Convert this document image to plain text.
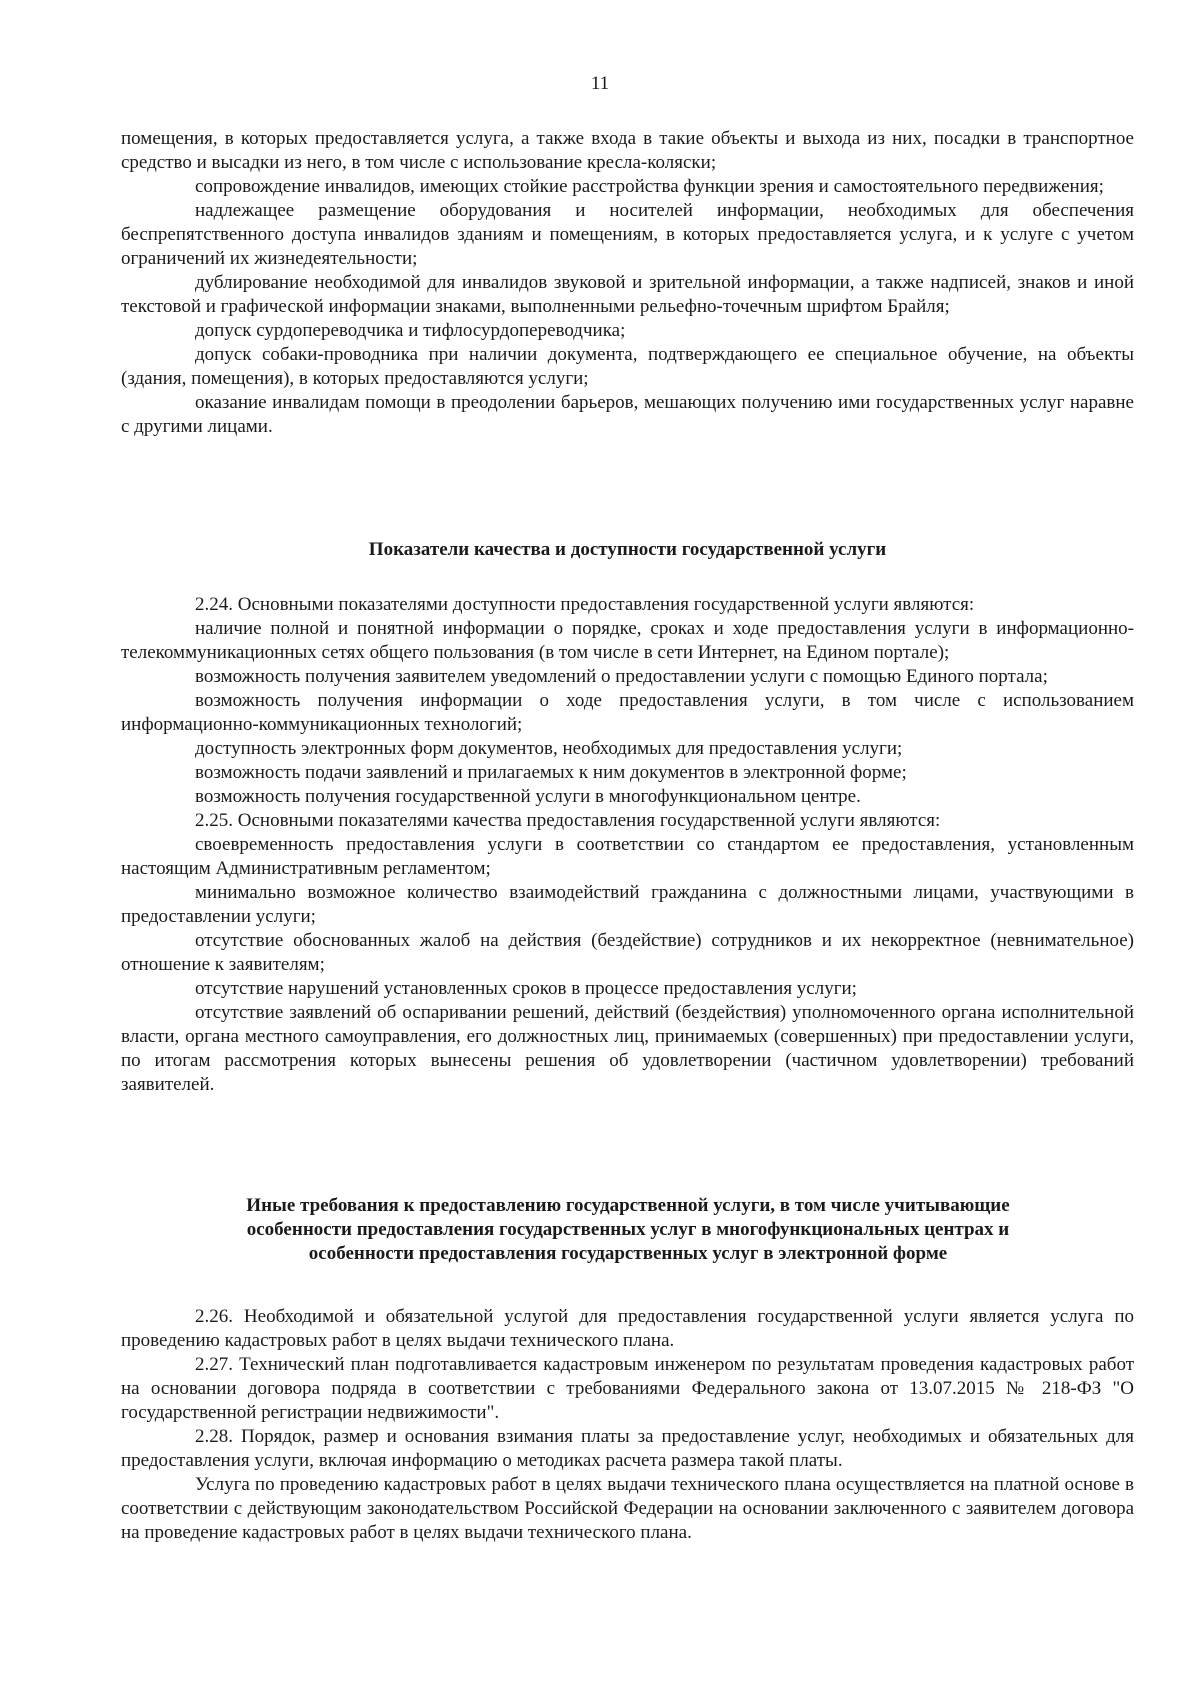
11

помещения, в которых предоставляется услуга, а также входа в такие объекты и выхода из них, посадки в транспортное средство и высадки из него, в том числе с использование кресла-коляски;

сопровождение инвалидов, имеющих стойкие расстройства функции зрения и самостоятельного передвижения;

надлежащее размещение оборудования и носителей информации, необходимых для обеспечения беспрепятственного доступа инвалидов зданиям и помещениям, в которых предоставляется услуга, и к услуге с учетом ограничений их жизнедеятельности;

дублирование необходимой для инвалидов звуковой и зрительной информации, а также надписей, знаков и иной текстовой и графической информации знаками, выполненными рельефно-точечным шрифтом Брайля;

допуск сурдопереводчика и тифлосурдопереводчика;

допуск собаки-проводника при наличии документа, подтверждающего ее специальное обучение, на объекты (здания, помещения), в которых предоставляются услуги;

оказание инвалидам помощи в преодолении барьеров, мешающих получению ими государственных услуг наравне с другими лицами.

Показатели качества и доступности государственной услуги

2.24. Основными показателями доступности предоставления государственной услуги являются:

наличие полной и понятной информации о порядке, сроках и ходе предоставления услуги в информационно-телекоммуникационных сетях общего пользования (в том числе в сети Интернет, на Едином портале);

возможность получения заявителем уведомлений о предоставлении услуги с помощью Единого портала;

возможность получения информации о ходе предоставления услуги, в том числе с использованием информационно-коммуникационных технологий;

доступность электронных форм документов, необходимых для предоставления услуги;

возможность подачи заявлений и прилагаемых к ним документов в электронной форме;

возможность получения государственной услуги в многофункциональном центре.

2.25. Основными показателями качества предоставления государственной услуги являются:

своевременность предоставления услуги в соответствии со стандартом ее предоставления, установленным настоящим Административным регламентом;

минимально возможное количество взаимодействий гражданина с должностными лицами, участвующими в предоставлении услуги;

отсутствие обоснованных жалоб на действия (бездействие) сотрудников и их некорректное (невнимательное) отношение к заявителям;

отсутствие нарушений установленных сроков в процессе предоставления услуги;

отсутствие заявлений об оспаривании решений, действий (бездействия) уполномоченного органа исполнительной власти, органа местного самоуправления, его должностных лиц, принимаемых (совершенных) при предоставлении услуги, по итогам рассмотрения которых вынесены решения об удовлетворении (частичном удовлетворении) требований заявителей.

Иные требования к предоставлению государственной услуги, в том числе учитывающие
особенности предоставления государственных услуг в многофункциональных центрах и
особенности предоставления государственных услуг в электронной форме

2.26. Необходимой и обязательной услугой для предоставления государственной услуги является услуга по проведению кадастровых работ в целях выдачи технического плана.

2.27. Технический план подготавливается кадастровым инженером по результатам проведения кадастровых работ на основании договора подряда в соответствии с требованиями Федерального закона от 13.07.2015 № 218-ФЗ "О государственной регистрации недвижимости".

2.28. Порядок, размер и основания взимания платы за предоставление услуг, необходимых и обязательных для предоставления услуги, включая информацию о методиках расчета размера такой платы.

Услуга по проведению кадастровых работ в целях выдачи технического плана осуществляется на платной основе в соответствии с действующим законодательством Российской Федерации на основании заключенного с заявителем договора на проведение кадастровых работ в целях выдачи технического плана.
